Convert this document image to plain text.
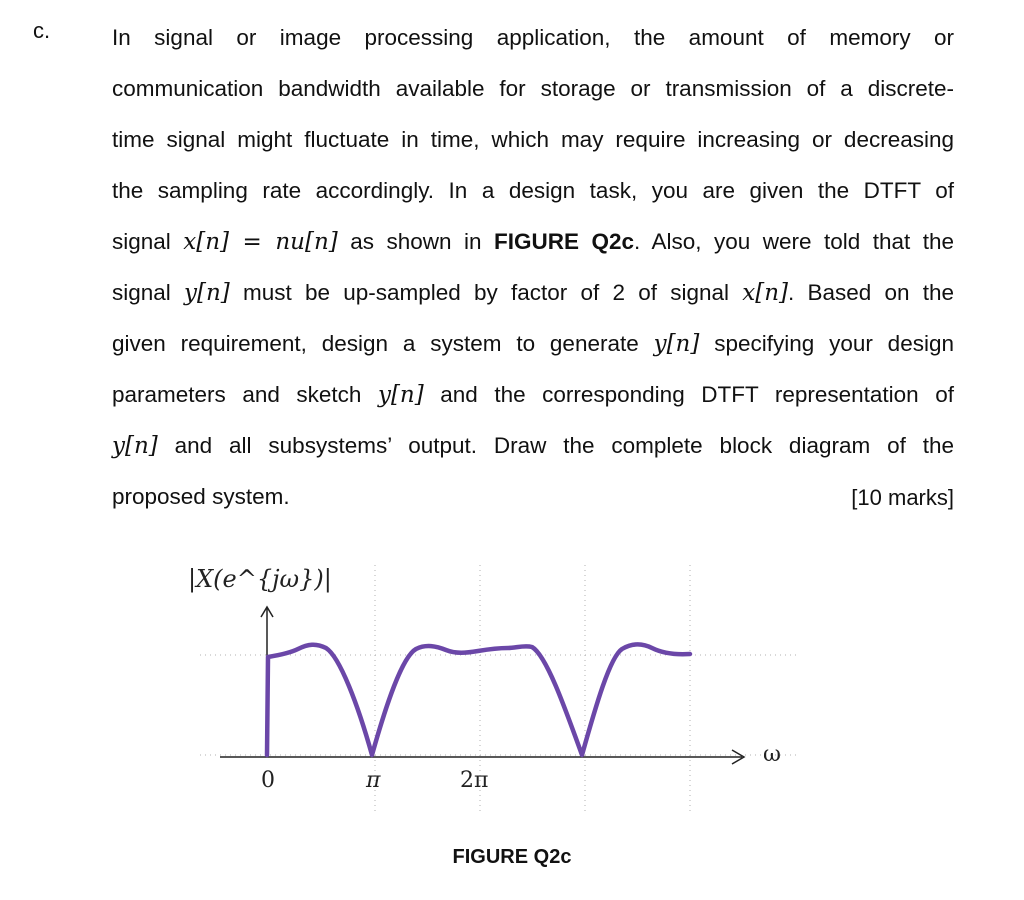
c.	In signal or image processing application, the amount of memory or
communication bandwidth available for storage or transmission of a discrete-
time signal might fluctuate in time, which may require increasing or decreasing
the sampling rate accordingly. In a design task, you are given the DTFT of
signal x[n] = nu[n] as shown in FIGURE Q2c. Also, you were told that the
signal y[n] must be up-sampled by factor of 2 of signal x[n]. Based on the
given requirement, design a system to generate y[n] specifying your design
parameters and sketch y[n] and the corresponding DTFT representation of
y[n] and all subsystems’ output. Draw the complete block diagram of the
proposed system.	[10 marks]
|X(e^{jω})|
ω
0	π	2π
FIGURE Q2c
